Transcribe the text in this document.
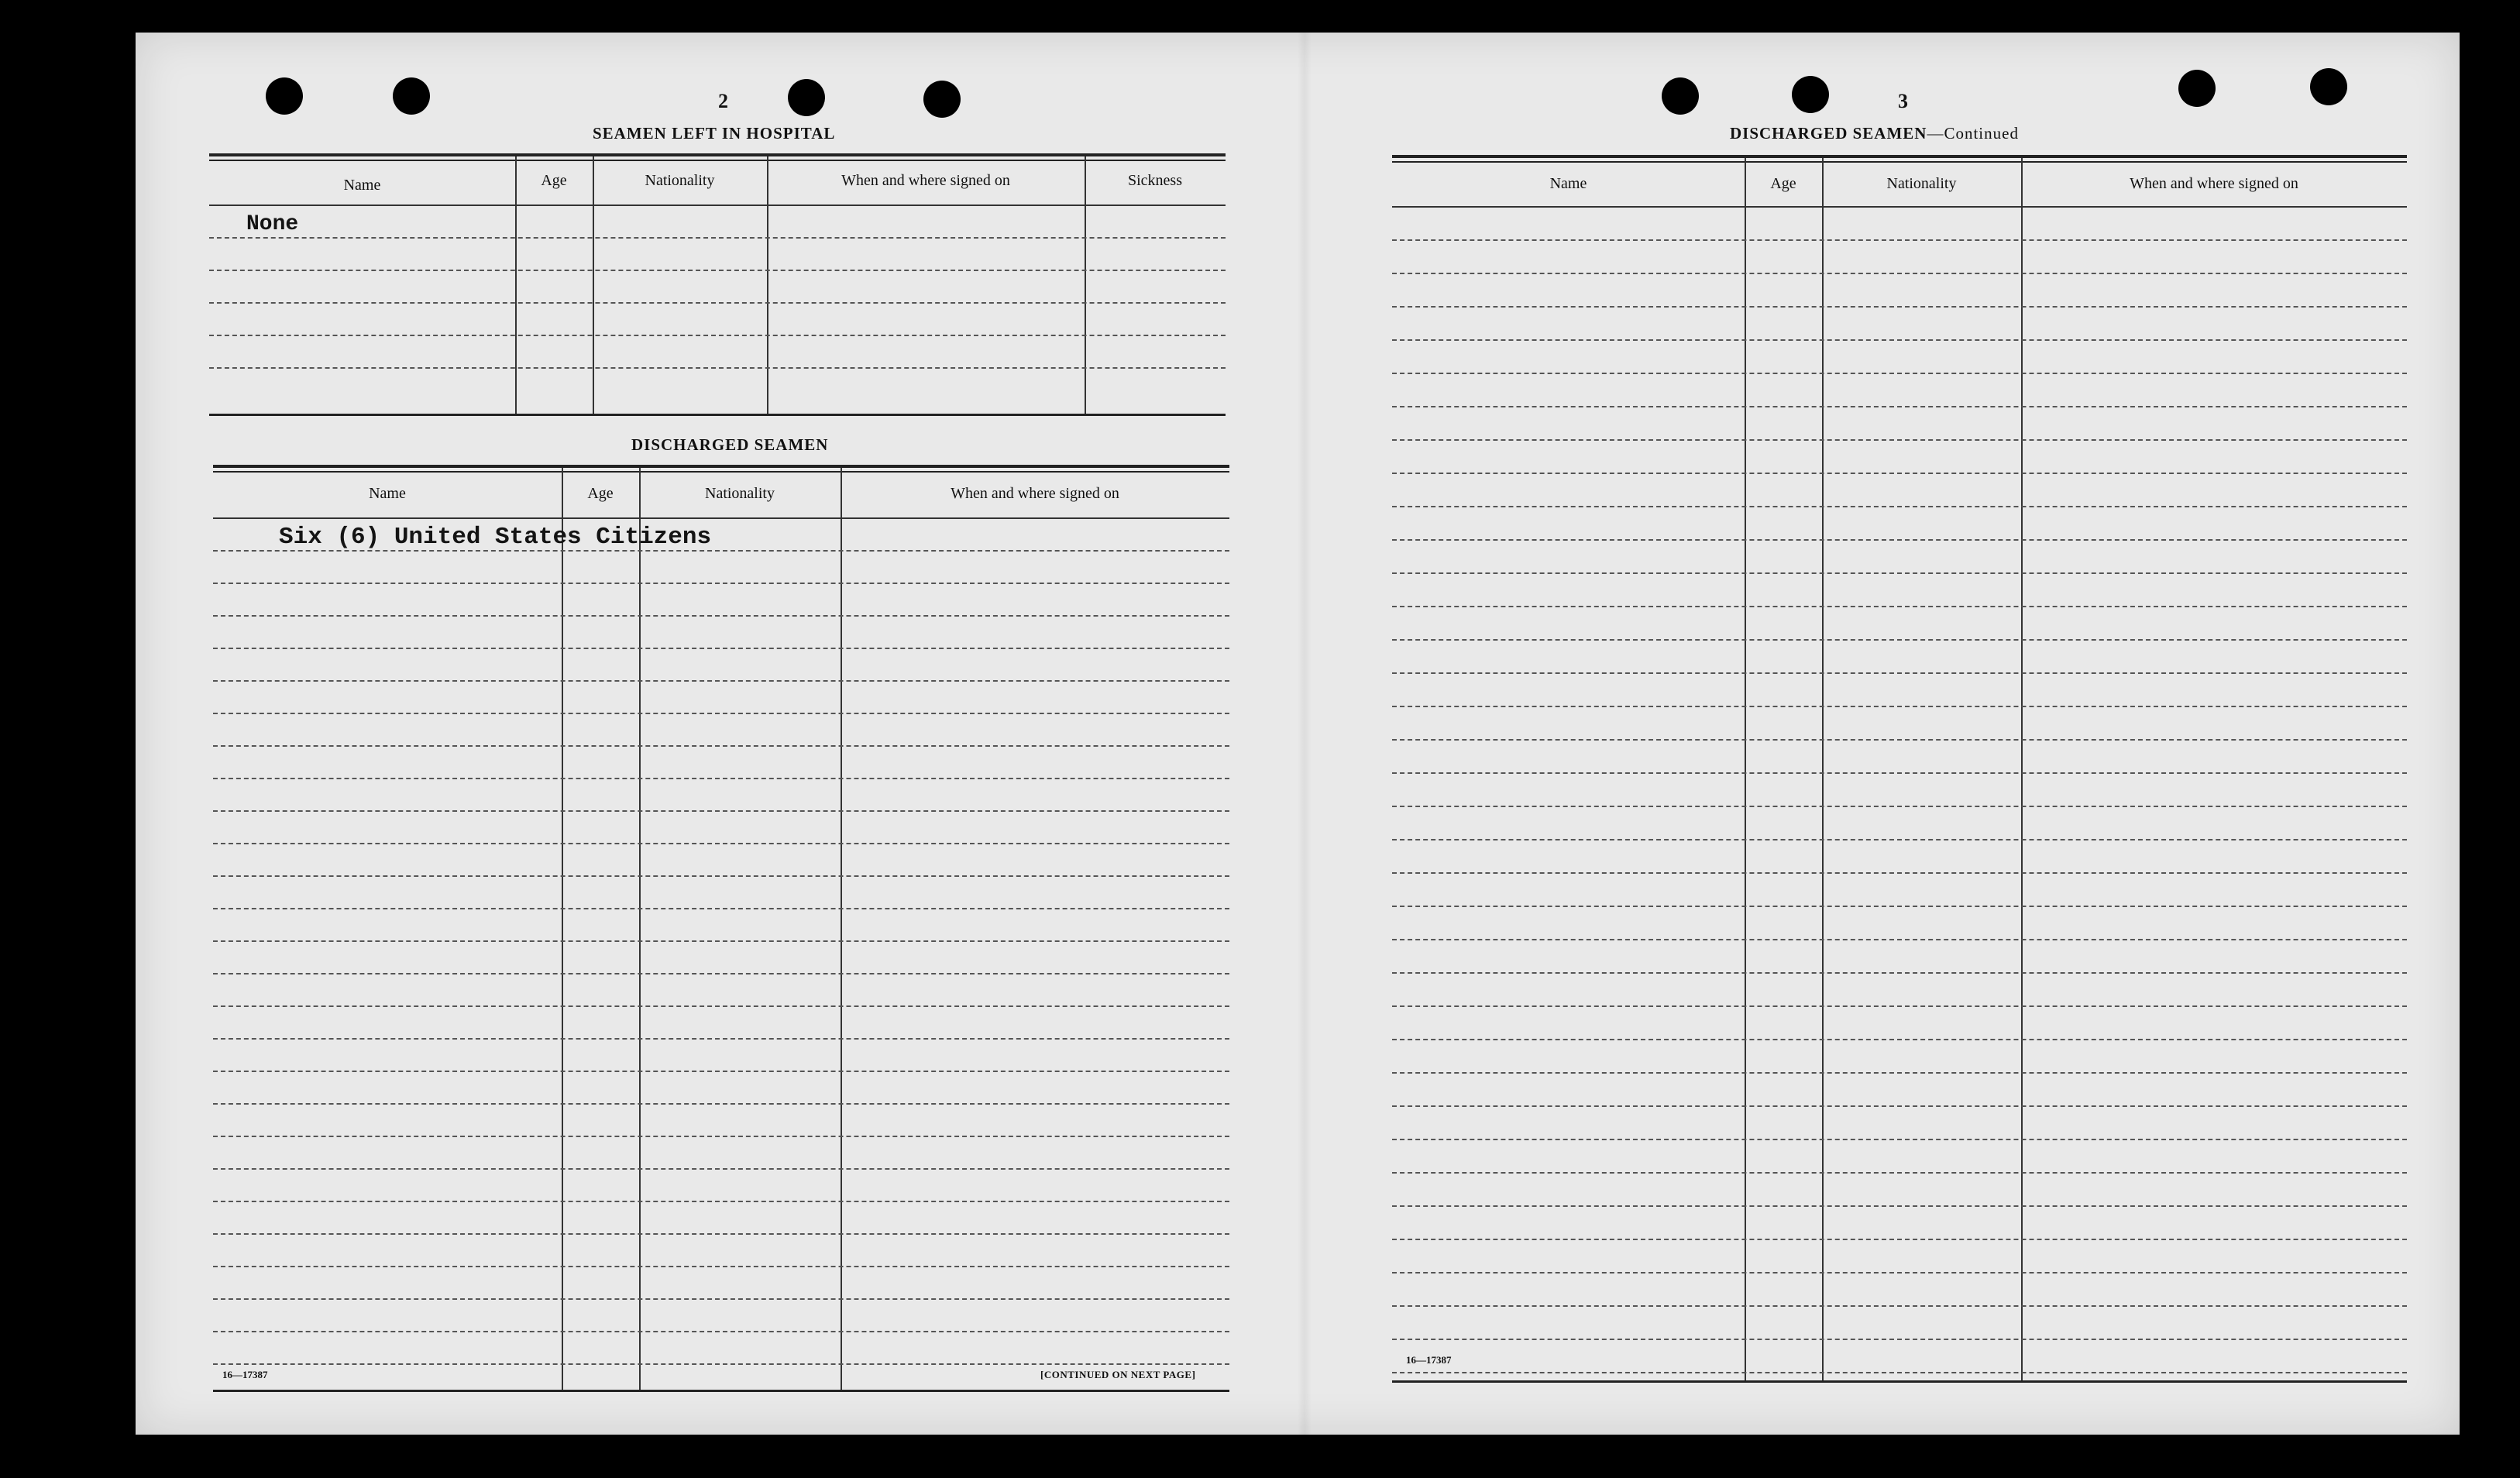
2
SEAMEN LEFT IN HOSPITAL
Name	Age	Nationality	When and where signed on	Sickness
None
DISCHARGED SEAMEN
Name	Age	Nationality	When and where signed on
Six (6) United States Citizens
16—17387	[CONTINUED ON NEXT PAGE]
3
DISCHARGED SEAMEN—Continued
Name	Age	Nationality	When and where signed on
16—17387
